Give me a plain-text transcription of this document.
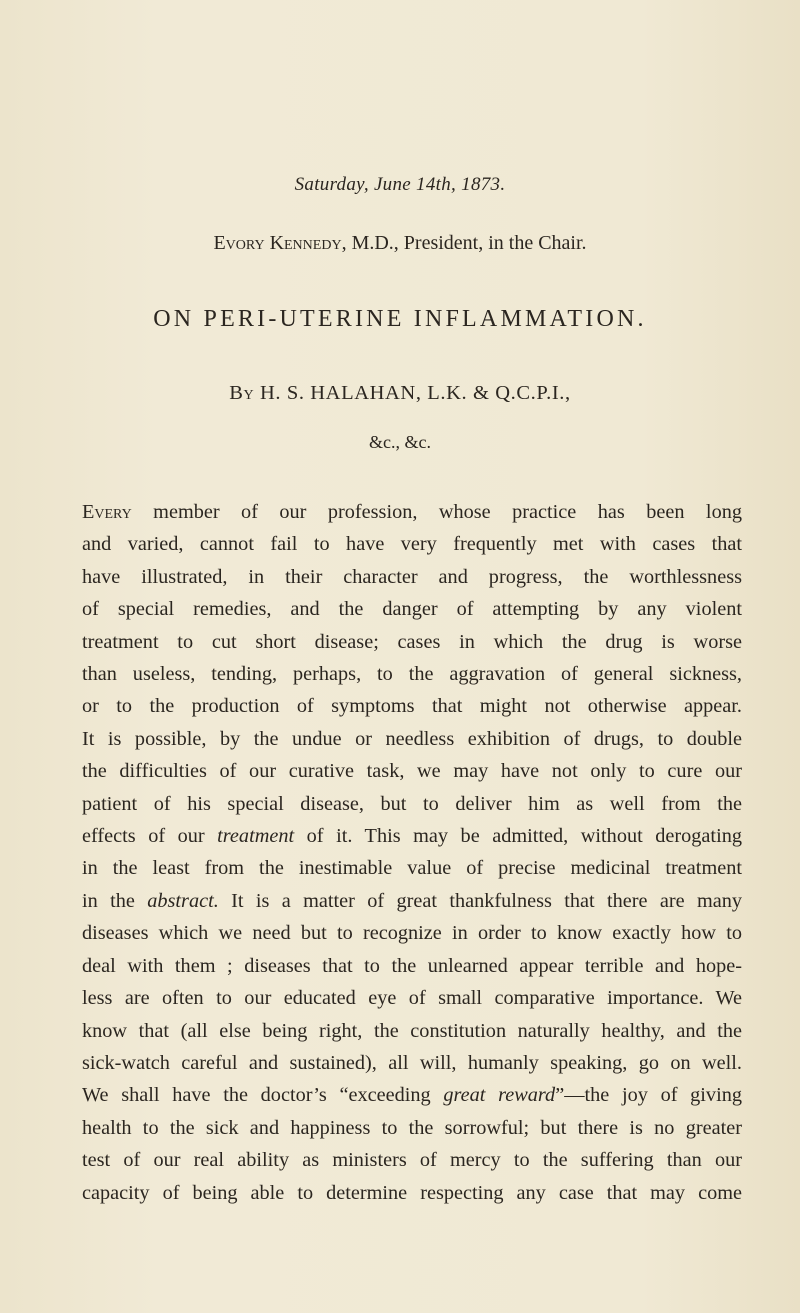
Saturday, June 14th, 1873.
Evory Kennedy, M.D., President, in the Chair.
ON PERI-UTERINE INFLAMMATION.
By H. S. HALAHAN, L.K. & Q.C.P.I.,
&c., &c.
Every member of our profession, whose practice has been long
and varied, cannot fail to have very frequently met with cases that
have illustrated, in their character and progress, the worthlessness
of special remedies, and the danger of attempting by any violent
treatment to cut short disease; cases in which the drug is worse
than useless, tending, perhaps, to the aggravation of general sickness,
or to the production of symptoms that might not otherwise appear.
It is possible, by the undue or needless exhibition of drugs, to double
the difficulties of our curative task, we may have not only to cure our
patient of his special disease, but to deliver him as well from the
effects of our treatment of it. This may be admitted, without derogating
in the least from the inestimable value of precise medicinal treatment
in the abstract. It is a matter of great thankfulness that there are many
diseases which we need but to recognize in order to know exactly how to
deal with them ; diseases that to the unlearned appear terrible and hope-
less are often to our educated eye of small comparative importance. We
know that (all else being right, the constitution naturally healthy, and the
sick-watch careful and sustained), all will, humanly speaking, go on well.
We shall have the doctor’s “exceeding great reward”—the joy of giving
health to the sick and happiness to the sorrowful; but there is no greater
test of our real ability as ministers of mercy to the suffering than our
capacity of being able to determine respecting any case that may come
